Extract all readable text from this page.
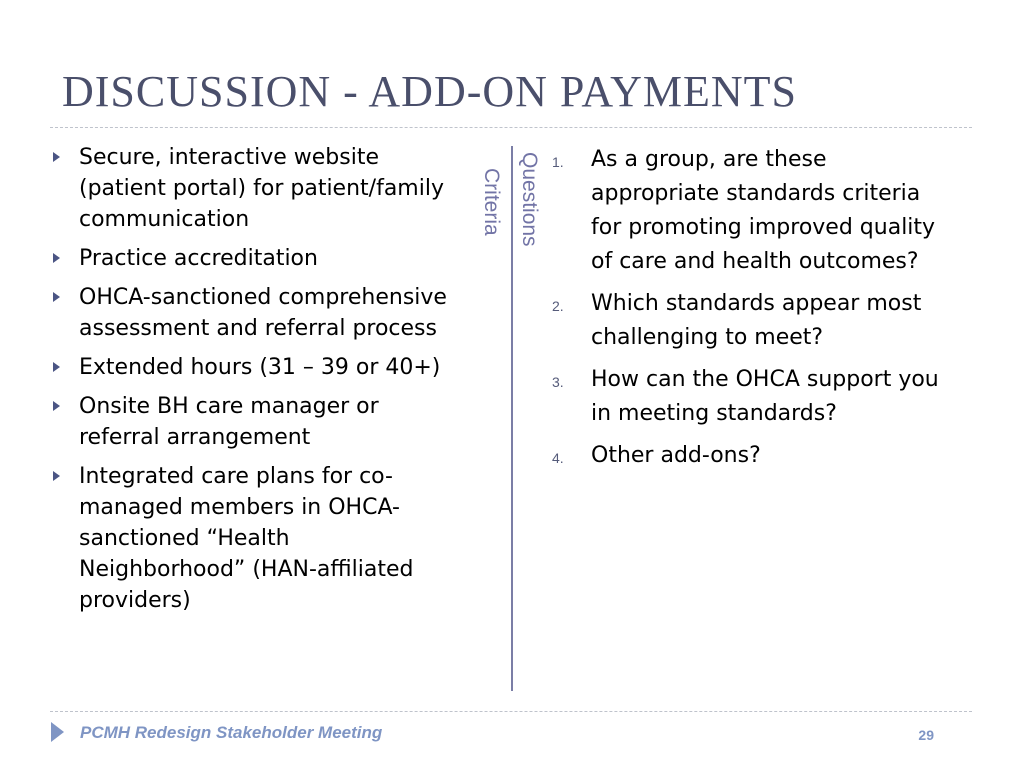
DISCUSSION - ADD-ON PAYMENTS
Secure, interactive website (patient portal) for patient/family communication
Practice accreditation
OHCA-sanctioned comprehensive assessment and referral process
Extended hours (31 – 39 or 40+)
Onsite BH care manager or referral arrangement
Integrated care plans for co-managed members in OHCA-sanctioned “Health Neighborhood” (HAN-affiliated providers)
Criteria Questions 1. As a group, are these appropriate standards criteria for promoting improved quality of care and health outcomes?
2. Which standards appear most challenging to meet?
3. How can the OHCA support you in meeting standards?
4. Other add-ons?
PCMH Redesign Stakeholder Meeting	29
